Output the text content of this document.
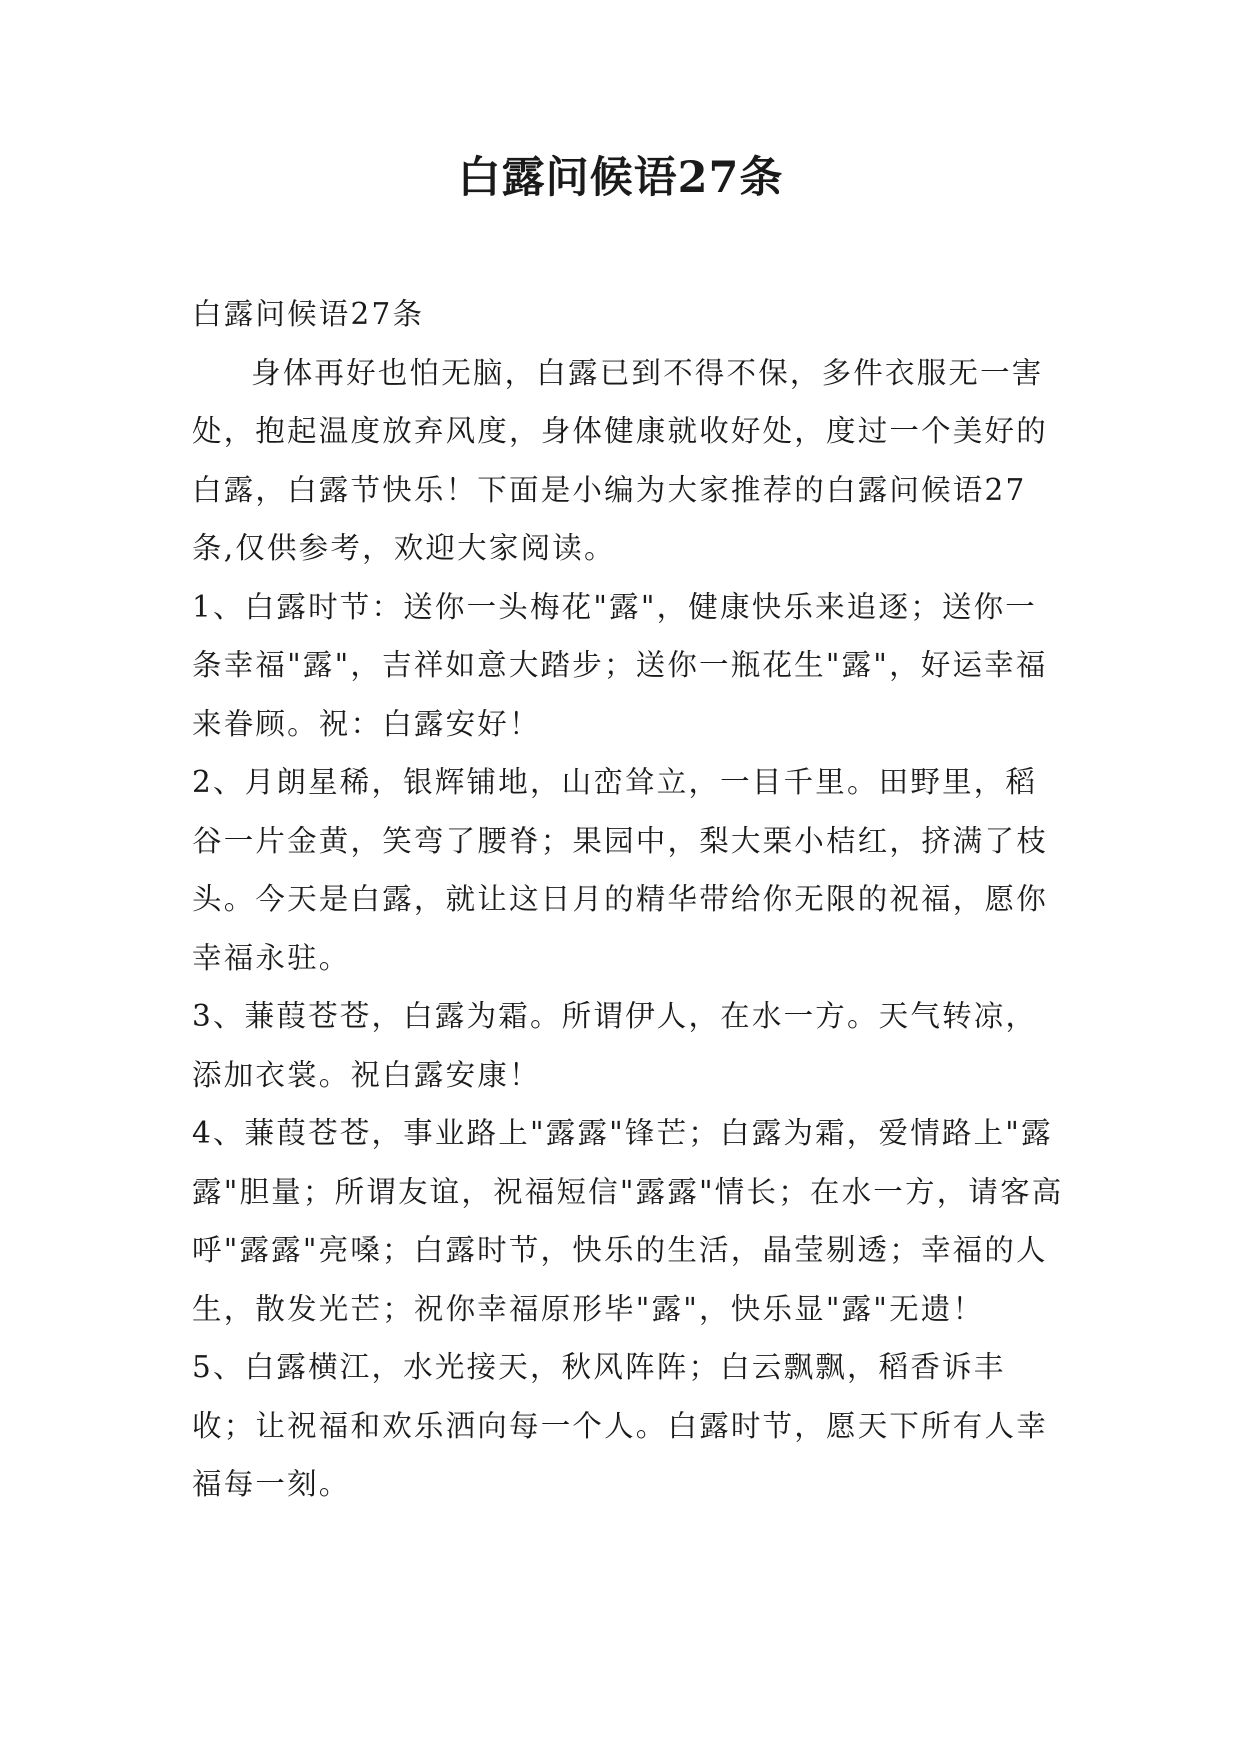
白露问候语27条

白露问候语27条

身体再好也怕无脑，白露已到不得不保，多件衣服无一害处，抱起温度放弃风度，身体健康就收好处，度过一个美好的白露，白露节快乐！下面是小编为大家推荐的白露问候语27条,仅供参考，欢迎大家阅读。

1、白露时节：送你一头梅花"露"，健康快乐来追逐；送你一条幸福"露"，吉祥如意大踏步；送你一瓶花生"露"，好运幸福来眷顾。祝：白露安好！

2、月朗星稀，银辉铺地，山峦耸立，一目千里。田野里，稻谷一片金黄，笑弯了腰脊；果园中，梨大栗小桔红，挤满了枝头。今天是白露，就让这日月的精华带给你无限的祝福，愿你幸福永驻。

3、蒹葭苍苍，白露为霜。所谓伊人，在水一方。天气转凉，添加衣裳。祝白露安康！

4、蒹葭苍苍，事业路上"露露"锋芒；白露为霜，爱情路上"露露"胆量；所谓友谊，祝福短信"露露"情长；在水一方，请客高呼"露露"亮嗓；白露时节，快乐的生活，晶莹剔透；幸福的人生，散发光芒；祝你幸福原形毕"露"，快乐显"露"无遗！

5、白露横江，水光接天，秋风阵阵；白云飘飘，稻香诉丰收；让祝福和欢乐洒向每一个人。白露时节，愿天下所有人幸福每一刻。
